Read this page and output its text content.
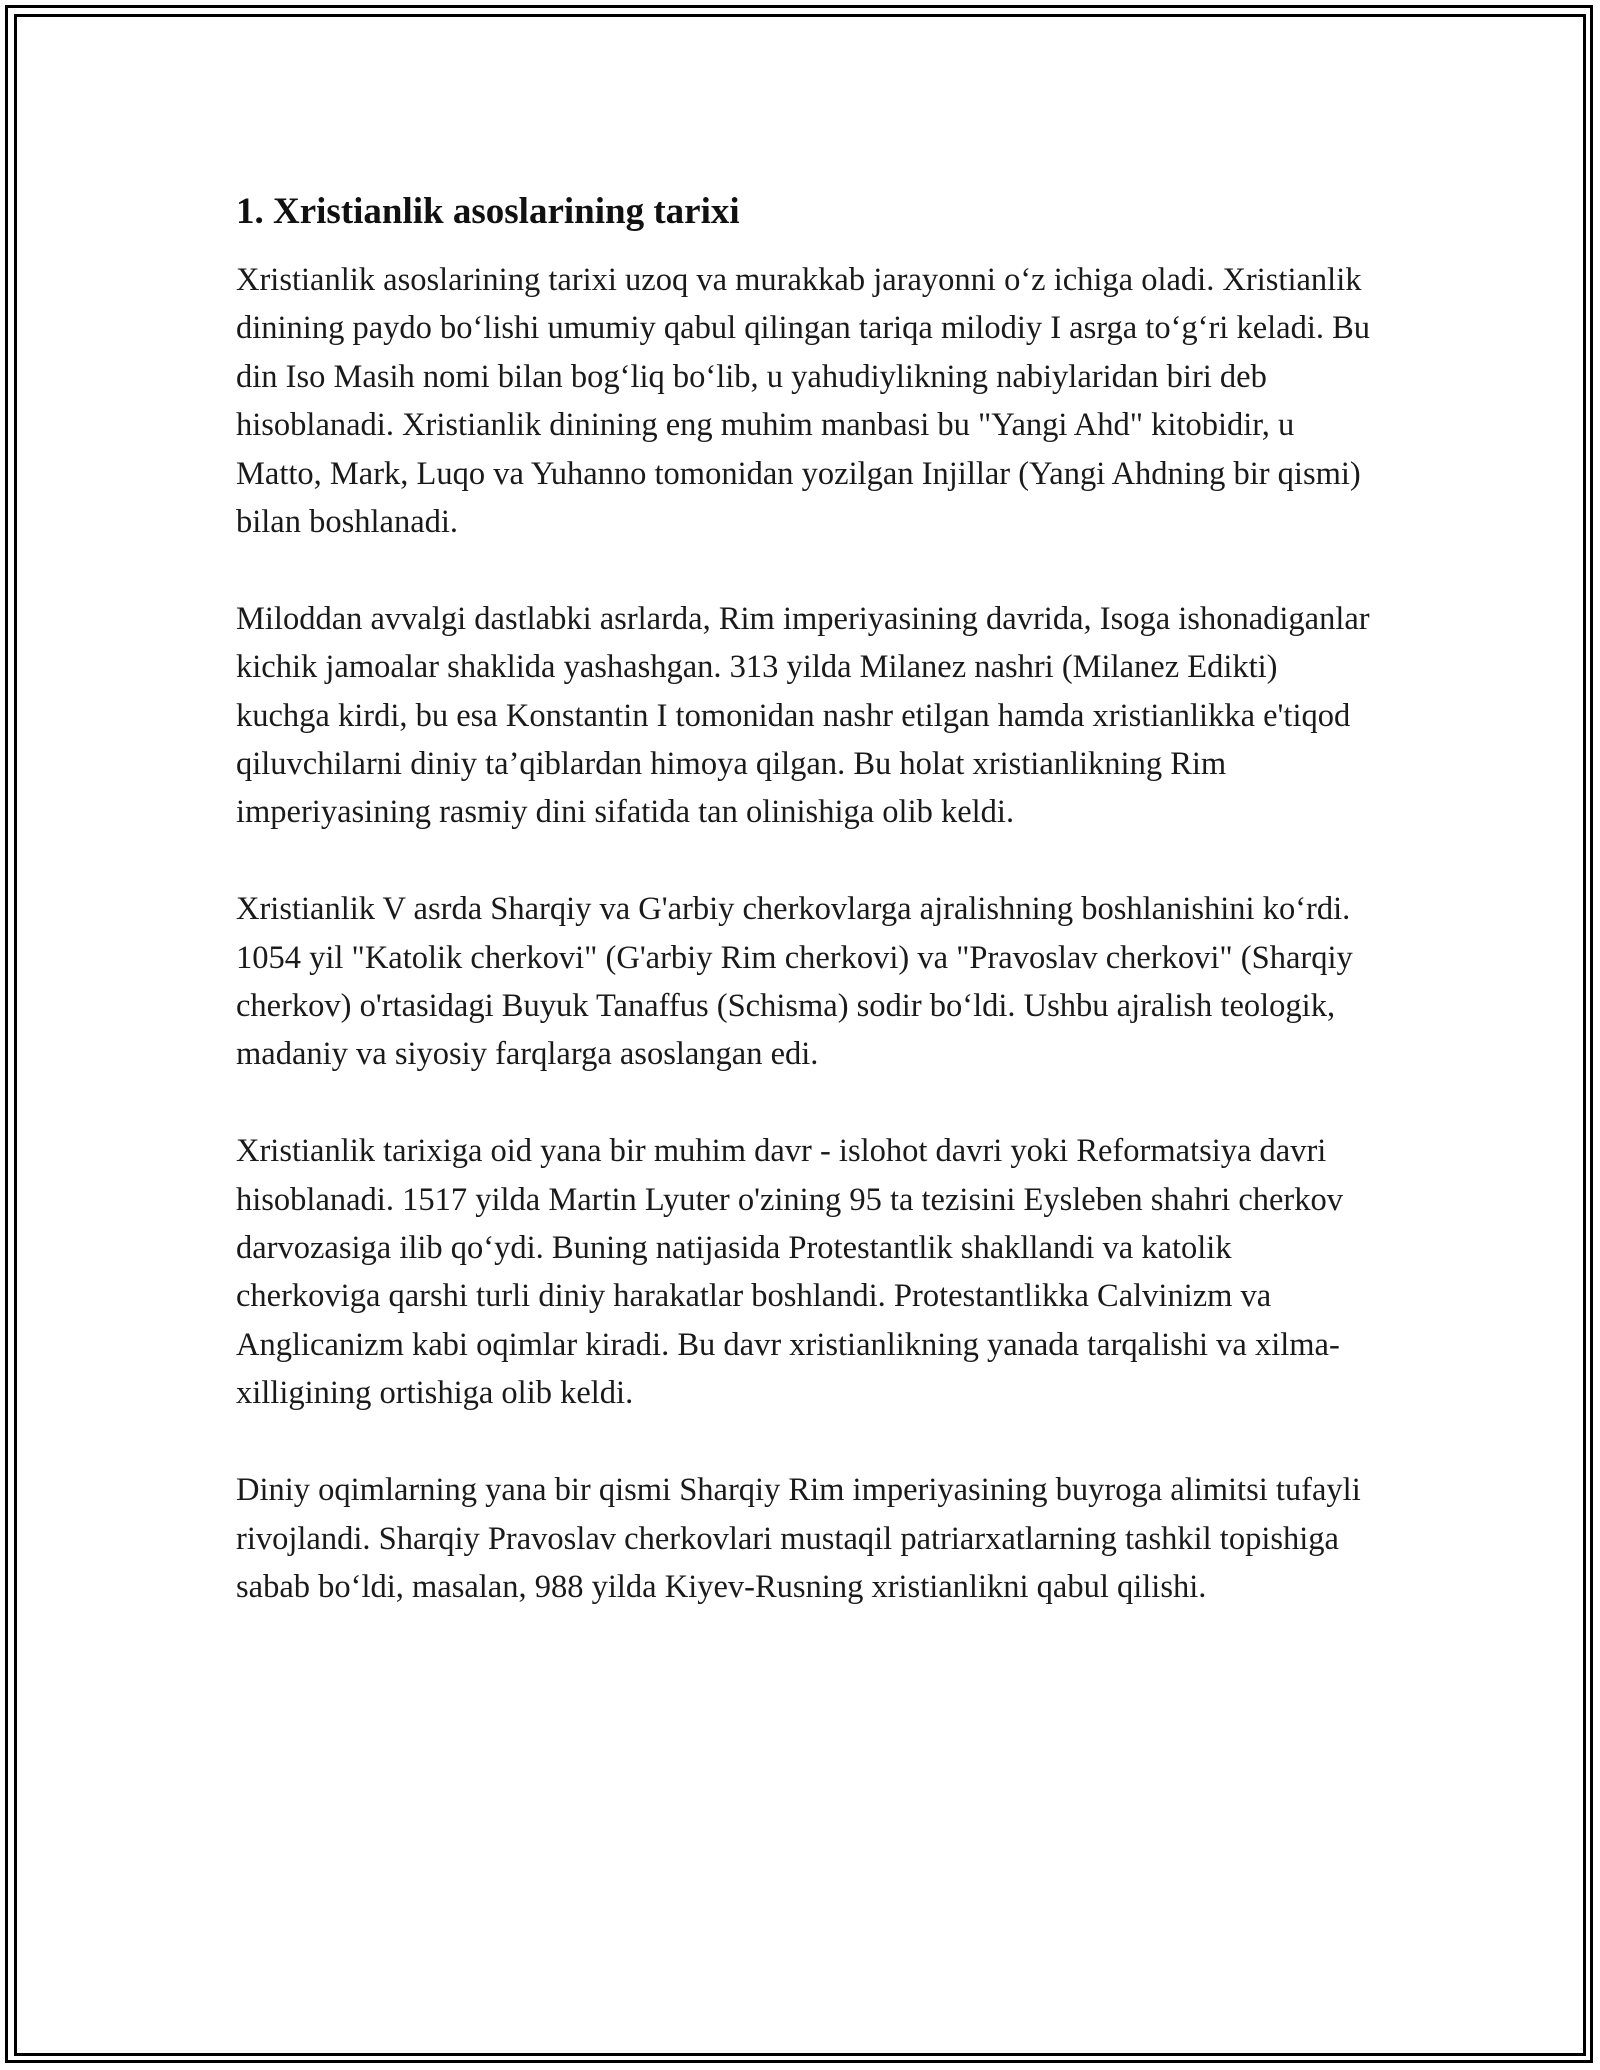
1. Xristianlik asoslarining tarixi

Xristianlik asoslarining tarixi uzoq va murakkab jarayonni o‘z ichiga oladi. Xristianlik dinining paydo bo‘lishi umumiy qabul qilingan tariqa milodiy I asrga to‘g‘ri keladi. Bu din Iso Masih nomi bilan bog‘liq bo‘lib, u yahudiylikning nabiylaridan biri deb hisoblanadi. Xristianlik dinining eng muhim manbasi bu "Yangi Ahd" kitobidir, u Matto, Mark, Luqo va Yuhanno tomonidan yozilgan Injillar (Yangi Ahdning bir qismi) bilan boshlanadi.

Miloddan avvalgi dastlabki asrlarda, Rim imperiyasining davrida, Isoga ishonadiganlar kichik jamoalar shaklida yashashgan. 313 yilda Milanez nashri (Milanez Edikti) kuchga kirdi, bu esa Konstantin I tomonidan nashr etilgan hamda xristianlikka e'tiqod qiluvchilarni diniy ta’qiblardan himoya qilgan. Bu holat xristianlikning Rim imperiyasining rasmiy dini sifatida tan olinishiga olib keldi.

Xristianlik V asrda Sharqiy va G'arbiy cherkovlarga ajralishning boshlanishini ko‘rdi. 1054 yil "Katolik cherkovi" (G'arbiy Rim cherkovi) va "Pravoslav cherkovi" (Sharqiy cherkov) o'rtasidagi Buyuk Tanaffus (Schisma) sodir bo‘ldi. Ushbu ajralish teologik, madaniy va siyosiy farqlarga asoslangan edi.

Xristianlik tarixiga oid yana bir muhim davr - islohot davri yoki Reformatsiya davri hisoblanadi. 1517 yilda Martin Lyuter o'zining 95 ta tezisini Eysleben shahri cherkov darvozasiga ilib qo‘ydi. Buning natijasida Protestantlik shakllandi va katolik cherkoviga qarshi turli diniy harakatlar boshlandi. Protestantlikka Calvinizm va Anglicanizm kabi oqimlar kiradi. Bu davr xristianlikning yanada tarqalishi va xilma-xilligining ortishiga olib keldi.

Diniy oqimlarning yana bir qismi Sharqiy Rim imperiyasining buyroga alimitsi tufayli rivojlandi. Sharqiy Pravoslav cherkovlari mustaqil patriarxatlarning tashkil topishiga sabab bo‘ldi, masalan, 988 yilda Kiyev-Rusning xristianlikni qabul qilishi.
